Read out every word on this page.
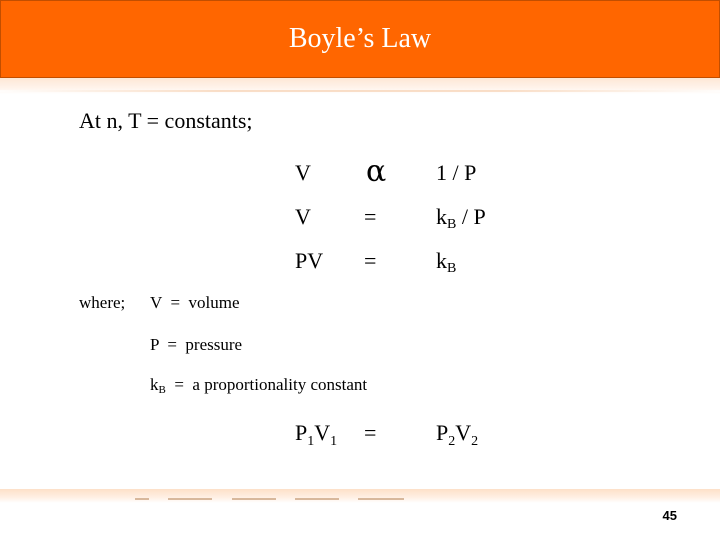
Boyle’s Law
At n, T = constants;
V α 1 / P
V =	$k_B$ / P
PV =	$k_B$
where; V  =  volume
P  =  pressure
$k_B = a$ proportionality constant
$P_1V_1$ =	$P_2V_2$
45
